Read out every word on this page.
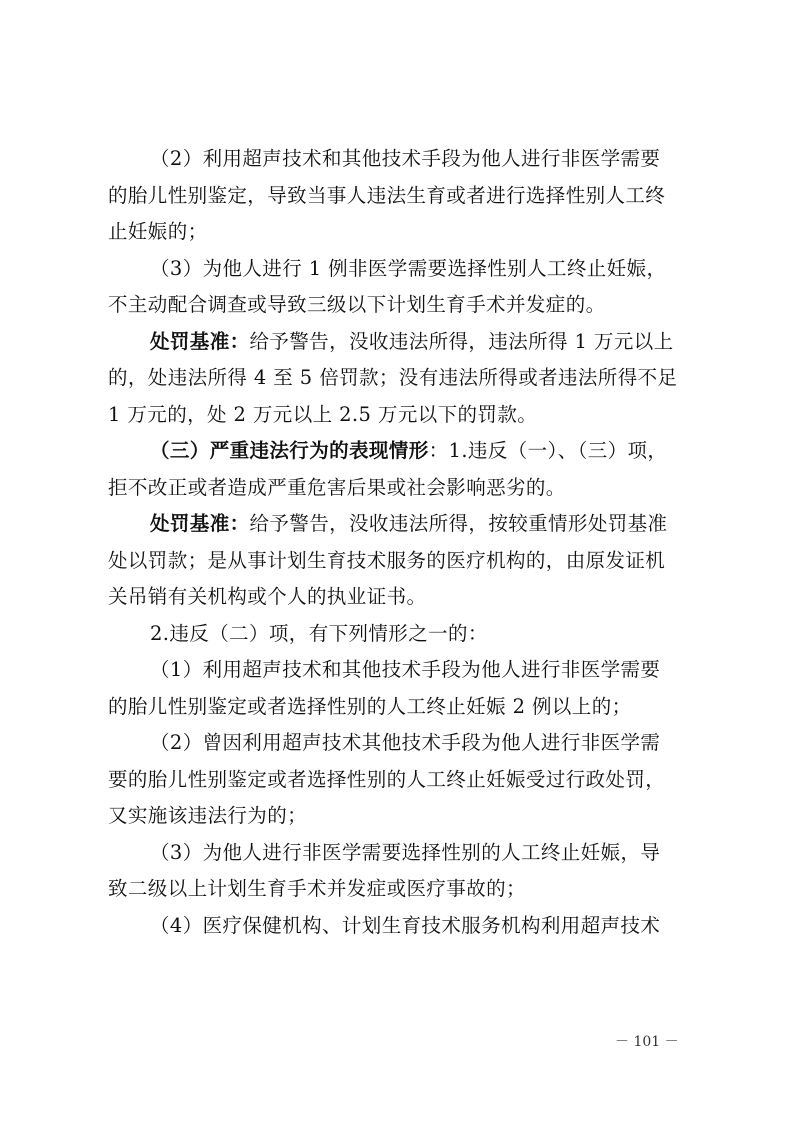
（2）利用超声技术和其他技术手段为他人进行非医学需要
的胎儿性别鉴定，导致当事人违法生育或者进行选择性别人工终
止妊娠的；
（3）为他人进行 1 例非医学需要选择性别人工终止妊娠，
不主动配合调查或导致三级以下计划生育手术并发症的。
处罚基准：给予警告，没收违法所得，违法所得 1 万元以上
的，处违法所得 4 至 5 倍罚款；没有违法所得或者违法所得不足
1 万元的，处 2 万元以上 2.5 万元以下的罚款。
（三）严重违法行为的表现情形：1.违反（一）、（三）项，
拒不改正或者造成严重危害后果或社会影响恶劣的。
处罚基准：给予警告，没收违法所得，按较重情形处罚基准
处以罚款；是从事计划生育技术服务的医疗机构的，由原发证机
关吊销有关机构或个人的执业证书。
2.违反（二）项，有下列情形之一的：
（1）利用超声技术和其他技术手段为他人进行非医学需要
的胎儿性别鉴定或者选择性别的人工终止妊娠 2 例以上的；
（2）曾因利用超声技术其他技术手段为他人进行非医学需
要的胎儿性别鉴定或者选择性别的人工终止妊娠受过行政处罚，
又实施该违法行为的；
（3）为他人进行非医学需要选择性别的人工终止妊娠，导
致二级以上计划生育手术并发症或医疗事故的；
（4）医疗保健机构、计划生育技术服务机构利用超声技术
－ 101 －
